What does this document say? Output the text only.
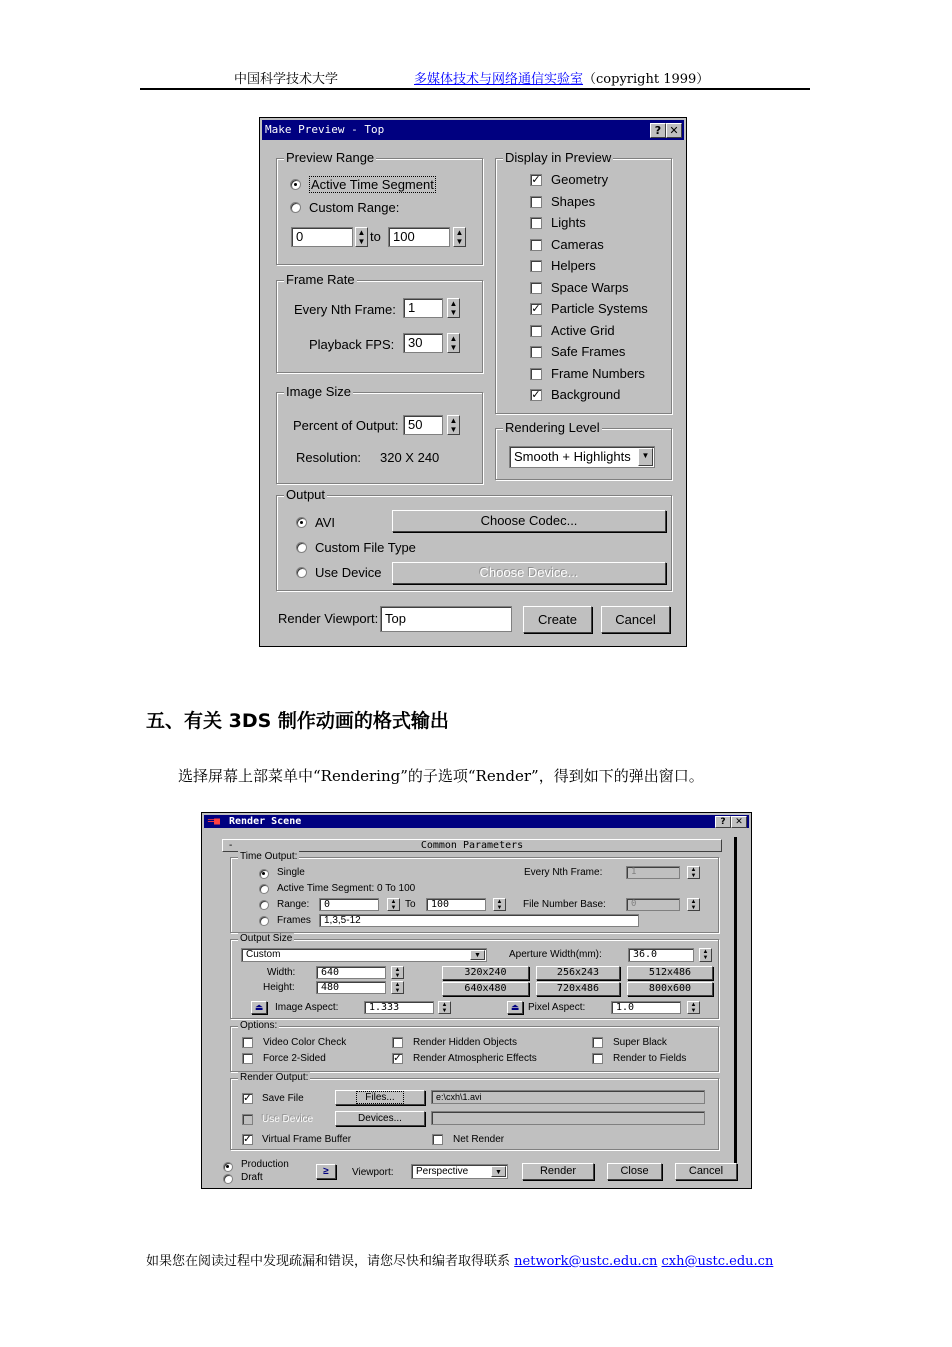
中国科学技术大学	多媒体技术与网络通信实验室（copyright 1999）
Make Preview - Top	? ✕
Preview Range
Active Time Segment
Custom Range:
0	▲
▼ to 100	▲
▼
Frame Rate
Every Nth Frame: 1	▲
▼
Playback FPS:	30	▲
▼
Image Size
Percent of Output: 50	▲
▼
Resolution: 320 X 240
Display in Preview
✓ Geometry
Shapes
Lights
Cameras
Helpers
Space Warps
✓ Particle Systems
Active Grid
Safe Frames
Frame Numbers
✓ Background
Rendering Level
Smooth + Highlights	▼
Output
AVI	Choose Codec...
Custom File Type
Use Device	Choose Device...
Render Viewport: Top	Create	Cancel
五、有关 3DS 制作动画的格式输出
选择屏幕上部菜单中“Rendering”的子选项“Render”，得到如下的弹出窗口。
═■ Render Scene	?	✕
-	Common Parameters
Time Output:
Single	Every Nth Frame:	1	▲
▼
Active Time Segment: 0 To 100
Range:	0	▲
▼ To	100	▲
▼	File Number Base:	0	▲
▼
Frames	1,3,5-12
Output Size
Custom	▼	Aperture Width(mm):	36.0	▲
▼
Width:	640	▲
▼
Height:	480	▲
▼
320x240	256x243	512x486
640x480	720x486	800x600
⏏	Image Aspect:	1.333	▲
▼	⏏ Pixel Aspect:	1.0	▲
▼
Options:
Video Color Check	Render Hidden Objects	Super Black
Force 2-Sided	✓ Render Atmospheric Effects	Render to Fields
Render Output:
✓ Save File	Files...	e:\cxh\1.avi
Use Device	Devices...
✓ Virtual Frame Buffer	Net Render
Production
Draft
≥	Viewport:	Perspective	▼	Render	Close	Cancel
如果您在阅读过程中发现疏漏和错误，请您尽快和编者取得联系 network@ustc.edu.cn cxh@ustc.edu.cn
